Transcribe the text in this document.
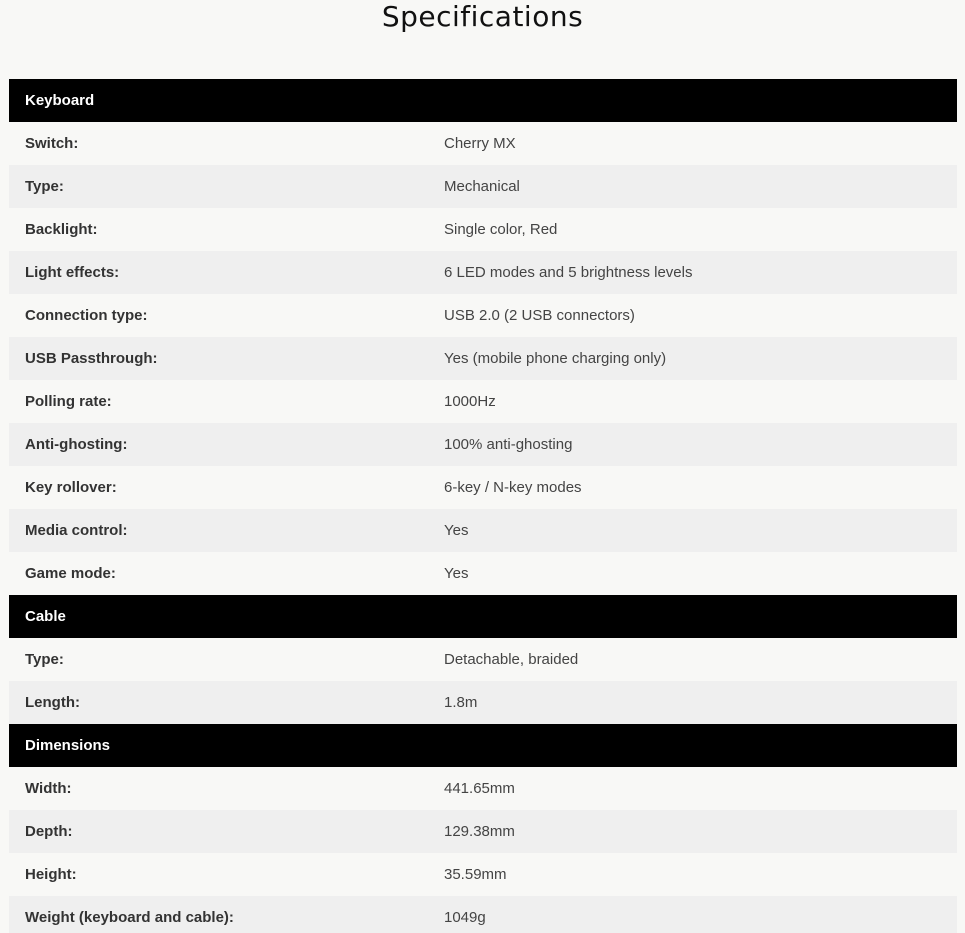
Specifications
Keyboard
Switch:	Cherry MX
Type:	Mechanical
Backlight:	Single color, Red
Light effects:	6 LED modes and 5 brightness levels
Connection type:	USB 2.0 (2 USB connectors)
USB Passthrough:	Yes (mobile phone charging only)
Polling rate:	1000Hz
Anti-ghosting:	100% anti-ghosting
Key rollover:	6-key / N-key modes
Media control:	Yes
Game mode:	Yes
Cable
Type:	Detachable, braided
Length:	1.8m
Dimensions
Width:	441.65mm
Depth:	129.38mm
Height:	35.59mm
Weight (keyboard and cable):	1049g
